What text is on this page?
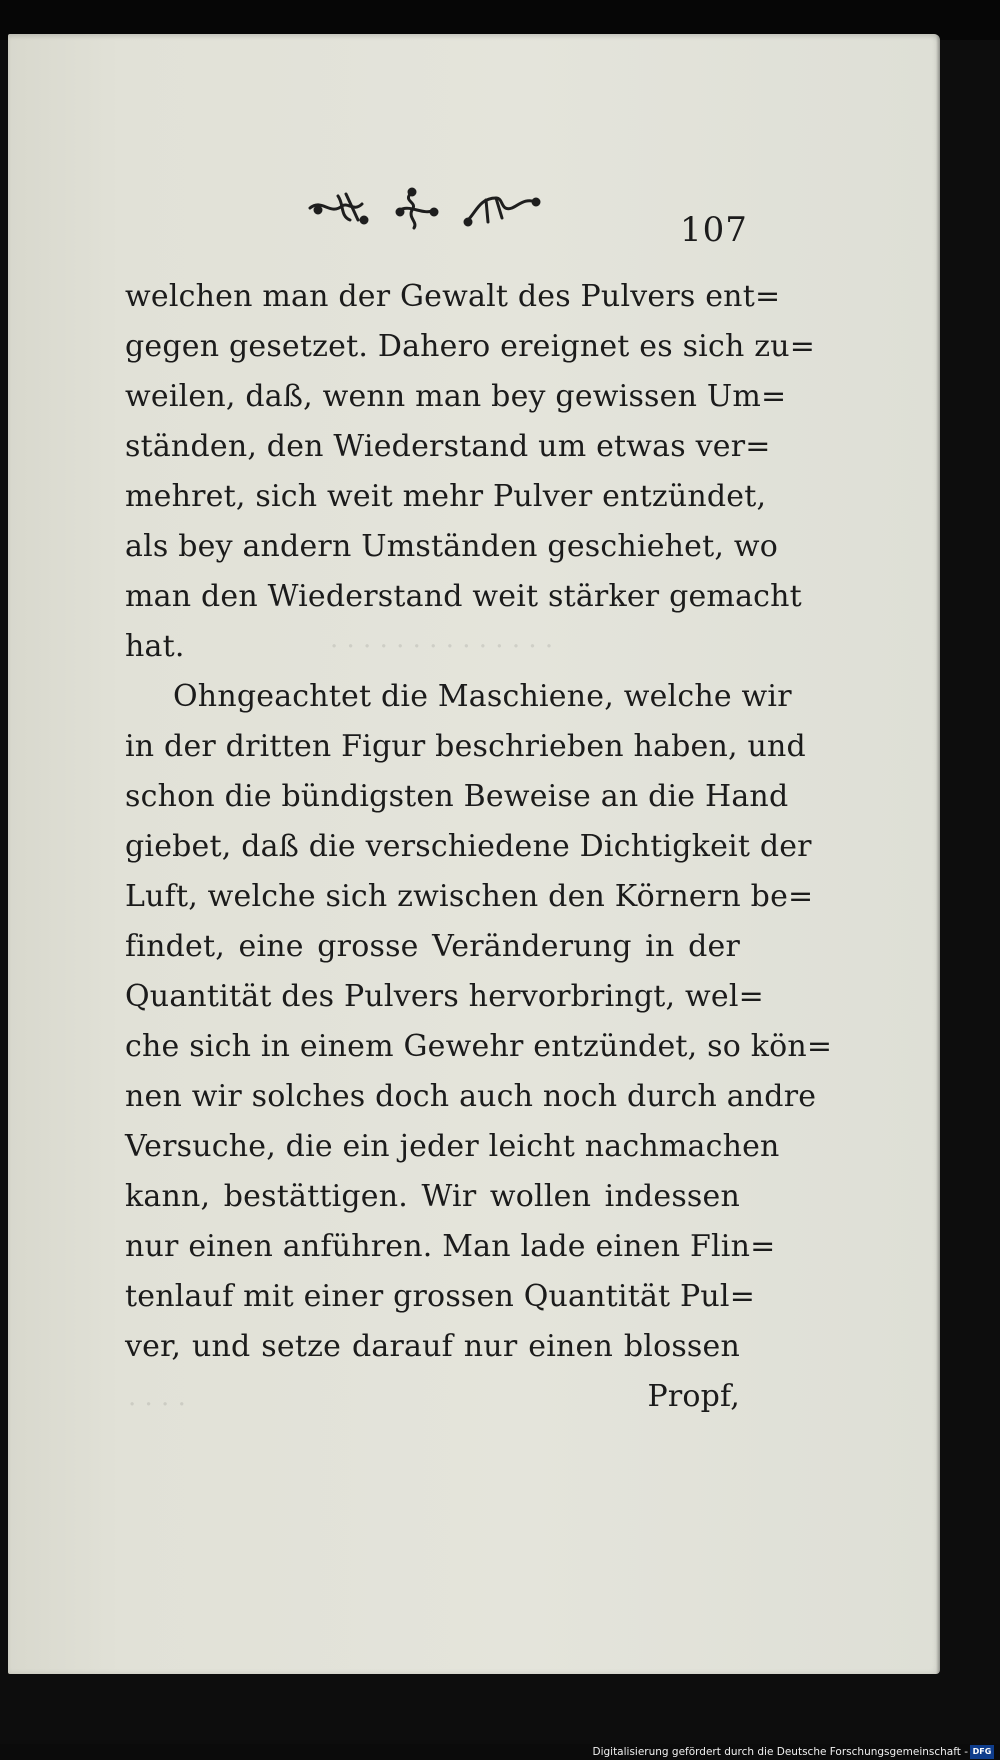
107
· · · · · · · · · · · · · ·
· · · ·
welchen man der Gewalt des Pulvers ent=
gegen gesetzet. Dahero ereignet es sich zu=
weilen, daß, wenn man bey gewissen Um=
ständen, den Wiederstand um etwas ver=
mehret, sich weit mehr Pulver entzündet,
als bey andern Umständen geschiehet, wo
man den Wiederstand weit stärker gemacht
hat.
Ohngeachtet die Maschiene, welche wir
in der dritten Figur beschrieben haben, und
schon die bündigsten Beweise an die Hand
giebet, daß die verschiedene Dichtigkeit der
Luft, welche sich zwischen den Körnern be=
findet, eine grosse Veränderung in der
Quantität des Pulvers hervorbringt, wel=
che sich in einem Gewehr entzündet, so kön=
nen wir solches doch auch noch durch andre
Versuche, die ein jeder leicht nachmachen
kann, bestättigen. Wir wollen indessen
nur einen anführen. Man lade einen Flin=
tenlauf mit einer grossen Quantität Pul=
ver, und setze darauf nur einen blossen
Propf,
Digitalisierung gefördert durch die Deutsche Forschungsgemeinschaft - DFG
